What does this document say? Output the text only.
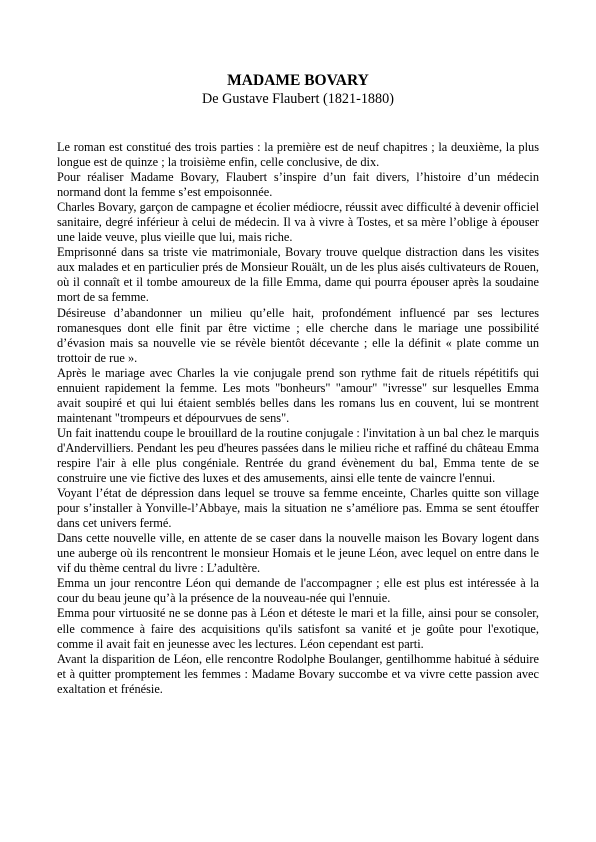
MADAME BOVARY
De Gustave Flaubert (1821-1880)

Le roman est constitué des trois parties : la première est de neuf chapitres ; la deuxième, la plus longue est de quinze ; la troisième enfin, celle conclusive, de dix.

Pour réaliser Madame Bovary, Flaubert s’inspire d’un fait divers, l’histoire d’un médecin normand dont la femme s’est empoisonnée.

Charles Bovary, garçon de campagne et écolier médiocre, réussit avec difficulté à devenir officiel sanitaire, degré inférieur à celui de médecin. Il va à vivre à Tostes, et sa mère l’oblige à épouser une laide veuve, plus vieille que lui, mais riche.

Emprisonné dans sa triste vie matrimoniale, Bovary trouve quelque distraction dans les visites aux malades et en particulier prés de Monsieur Rouält, un de les plus aisés cultivateurs de Rouen, où il connaît et il tombe amoureux de la fille Emma, dame qui pourra épouser après la soudaine mort de sa femme.

Désireuse d’abandonner un milieu qu’elle hait, profondément influencé par ses lectures romanesques dont elle finit par être victime ; elle cherche dans le mariage une possibilité d’évasion mais sa nouvelle vie se révèle bientôt décevante ; elle la définit « plate comme un trottoir de rue ».

Après le mariage avec Charles la vie conjugale prend son rythme fait de rituels répétitifs qui ennuient rapidement la femme. Les mots "bonheurs" "amour" "ivresse" sur lesquelles Emma avait soupiré et qui lui étaient semblés belles dans les romans lus en couvent, lui se montrent maintenant "trompeurs et dépourvues de sens".

Un fait inattendu coupe le brouillard de la routine conjugale : l'invitation à un bal chez le marquis d'Andervilliers. Pendant les peu d'heures passées dans le milieu riche et raffiné du château Emma respire l'air à elle plus congéniale. Rentrée du grand évènement du bal, Emma tente de se construire une vie fictive des luxes et des amusements, ainsi elle tente de vaincre l'ennui.

Voyant l’état de dépression dans lequel se trouve sa femme enceinte, Charles quitte son village pour s’installer à Yonville-l’Abbaye, mais la situation ne s’améliore pas. Emma se sent étouffer dans cet univers fermé.

Dans cette nouvelle ville, en attente de se caser dans la nouvelle maison les Bovary logent dans une auberge où ils rencontrent le monsieur Homais et le jeune Léon, avec lequel on entre dans le vif du thème central du livre : L’adultère.

Emma un jour rencontre Léon qui demande de l'accompagner ; elle est plus est intéressée à la cour du beau jeune qu’à la présence de la nouveau-née qui l'ennuie.

Emma pour virtuosité ne se donne pas à Léon et déteste le mari et la fille, ainsi pour se consoler, elle commence à faire des acquisitions qu'ils satisfont sa vanité et je goûte pour l'exotique, comme il avait fait en jeunesse avec les lectures. Léon cependant est parti.

Avant la disparition de Léon, elle rencontre Rodolphe Boulanger, gentilhomme habitué à séduire et à quitter promptement les femmes : Madame Bovary succombe et va vivre cette passion avec exaltation et frénésie.
